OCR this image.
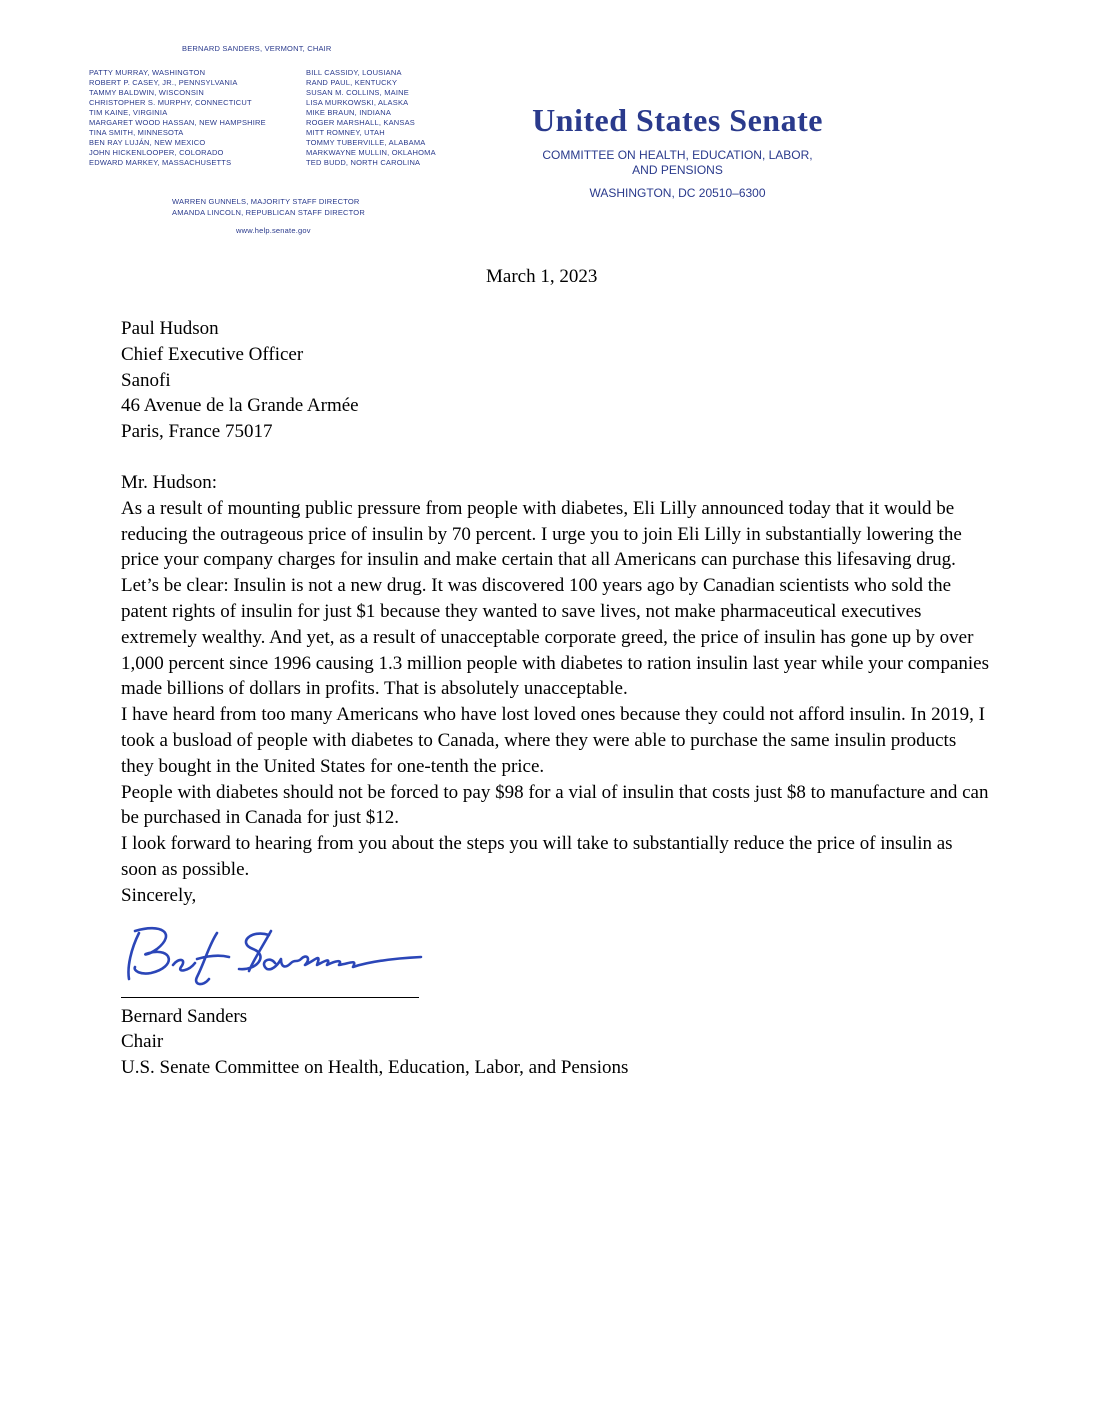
BERNARD SANDERS, VERMONT, CHAIR
PATTY MURRAY, WASHINGTON
ROBERT P. CASEY, JR., PENNSYLVANIA
TAMMY BALDWIN, WISCONSIN
CHRISTOPHER S. MURPHY, CONNECTICUT
TIM KAINE, VIRGINIA
MARGARET WOOD HASSAN, NEW HAMPSHIRE
TINA SMITH, MINNESOTA
BEN RAY LUJÁN, NEW MEXICO
JOHN HICKENLOOPER, COLORADO
EDWARD MARKEY, MASSACHUSETTS
BILL CASSIDY, LOUSIANA
RAND PAUL, KENTUCKY
SUSAN M. COLLINS, MAINE
LISA MURKOWSKI, ALASKA
MIKE BRAUN, INDIANA
ROGER MARSHALL, KANSAS
MITT ROMNEY, UTAH
TOMMY TUBERVILLE, ALABAMA
MARKWAYNE MULLIN, OKLAHOMA
TED BUDD, NORTH CAROLINA
WARREN GUNNELS, MAJORITY STAFF DIRECTOR
AMANDA LINCOLN, REPUBLICAN STAFF DIRECTOR
www.help.senate.gov
United States Senate
COMMITTEE ON HEALTH, EDUCATION, LABOR,
AND PENSIONS
WASHINGTON, DC 20510–6300
March 1, 2023
Paul Hudson
Chief Executive Officer
Sanofi
46 Avenue de la Grande Armée
Paris, France 75017

Mr. Hudson:

As a result of mounting public pressure from people with diabetes, Eli Lilly announced today that it would be reducing the outrageous price of insulin by 70 percent. I urge you to join Eli Lilly in substantially lowering the price your company charges for insulin and make certain that all Americans can purchase this lifesaving drug.

Let’s be clear: Insulin is not a new drug. It was discovered 100 years ago by Canadian scientists who sold the patent rights of insulin for just $1 because they wanted to save lives, not make pharmaceutical executives extremely wealthy. And yet, as a result of unacceptable corporate greed, the price of insulin has gone up by over 1,000 percent since 1996 causing 1.3 million people with diabetes to ration insulin last year while your companies made billions of dollars in profits. That is absolutely unacceptable.

I have heard from too many Americans who have lost loved ones because they could not afford insulin. In 2019, I took a busload of people with diabetes to Canada, where they were able to purchase the same insulin products they bought in the United States for one-tenth the price.

People with diabetes should not be forced to pay $98 for a vial of insulin that costs just $8 to manufacture and can be purchased in Canada for just $12.

I look forward to hearing from you about the steps you will take to substantially reduce the price of insulin as soon as possible.

Sincerely,

Bernard Sanders
Chair
U.S. Senate Committee on Health, Education, Labor, and Pensions
